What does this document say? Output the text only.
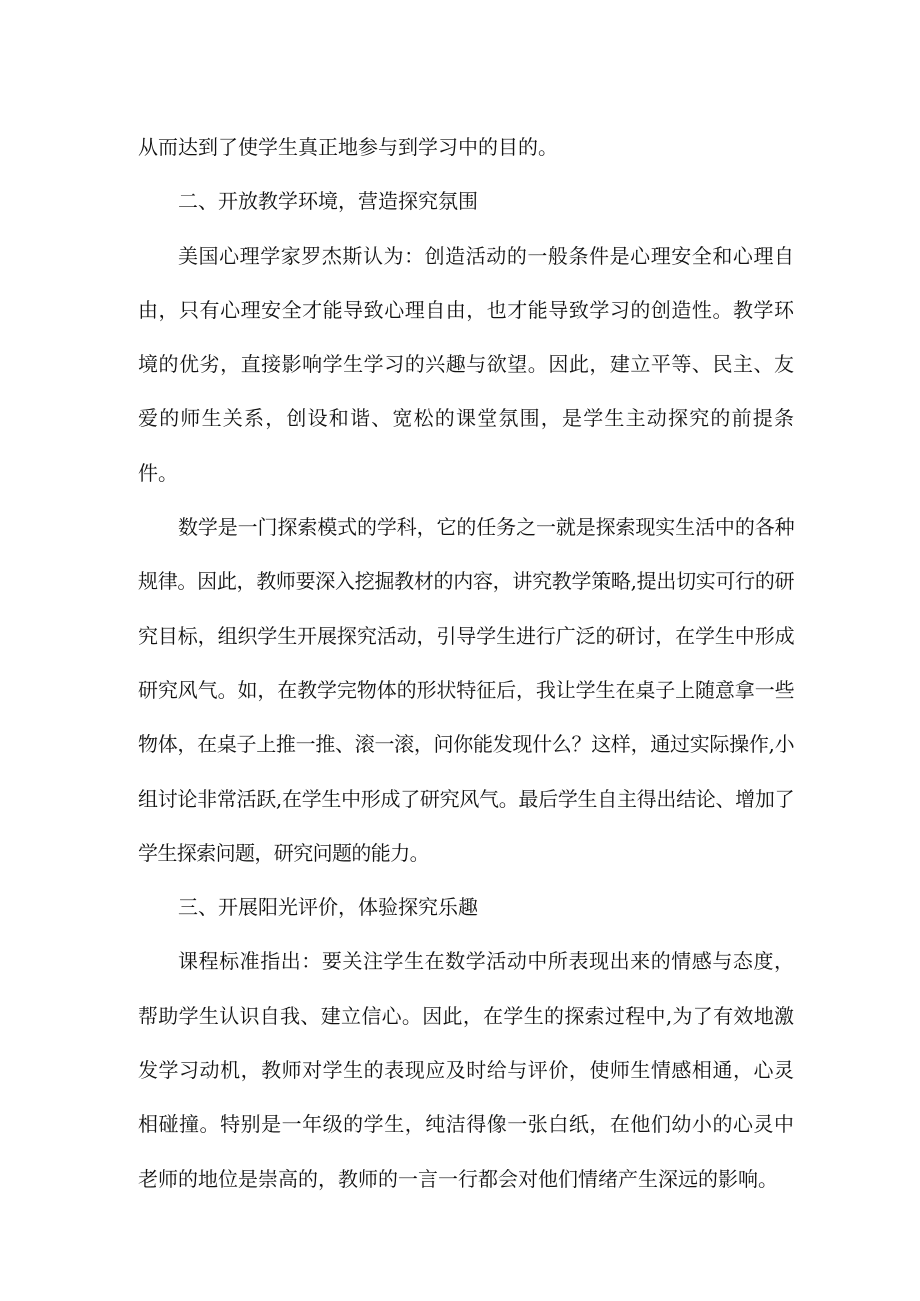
从而达到了使学生真正地参与到学习中的目的。

二、开放教学环境，营造探究氛围

美国心理学家罗杰斯认为：创造活动的一般条件是心理安全和心理自由，只有心理安全才能导致心理自由，也才能导致学习的创造性。教学环境的优劣，直接影响学生学习的兴趣与欲望。因此，建立平等、民主、友爱的师生关系，创设和谐、宽松的课堂氛围，是学生主动探究的前提条件。

数学是一门探索模式的学科，它的任务之一就是探索现实生活中的各种规律。因此，教师要深入挖掘教材的内容，讲究教学策略,提出切实可行的研究目标，组织学生开展探究活动，引导学生进行广泛的研讨，在学生中形成研究风气。如，在教学完物体的形状特征后，我让学生在桌子上随意拿一些物体，在桌子上推一推、滚一滚，问你能发现什么？这样，通过实际操作,小组讨论非常活跃,在学生中形成了研究风气。最后学生自主得出结论、增加了学生探索问题，研究问题的能力。

三、开展阳光评价，体验探究乐趣

课程标准指出：要关注学生在数学活动中所表现出来的情感与态度，帮助学生认识自我、建立信心。因此，在学生的探索过程中,为了有效地激发学习动机，教师对学生的表现应及时给与评价，使师生情感相通，心灵相碰撞。特别是一年级的学生，纯洁得像一张白纸，在他们幼小的心灵中老师的地位是崇高的，教师的一言一行都会对他们情绪产生深远的影响。
